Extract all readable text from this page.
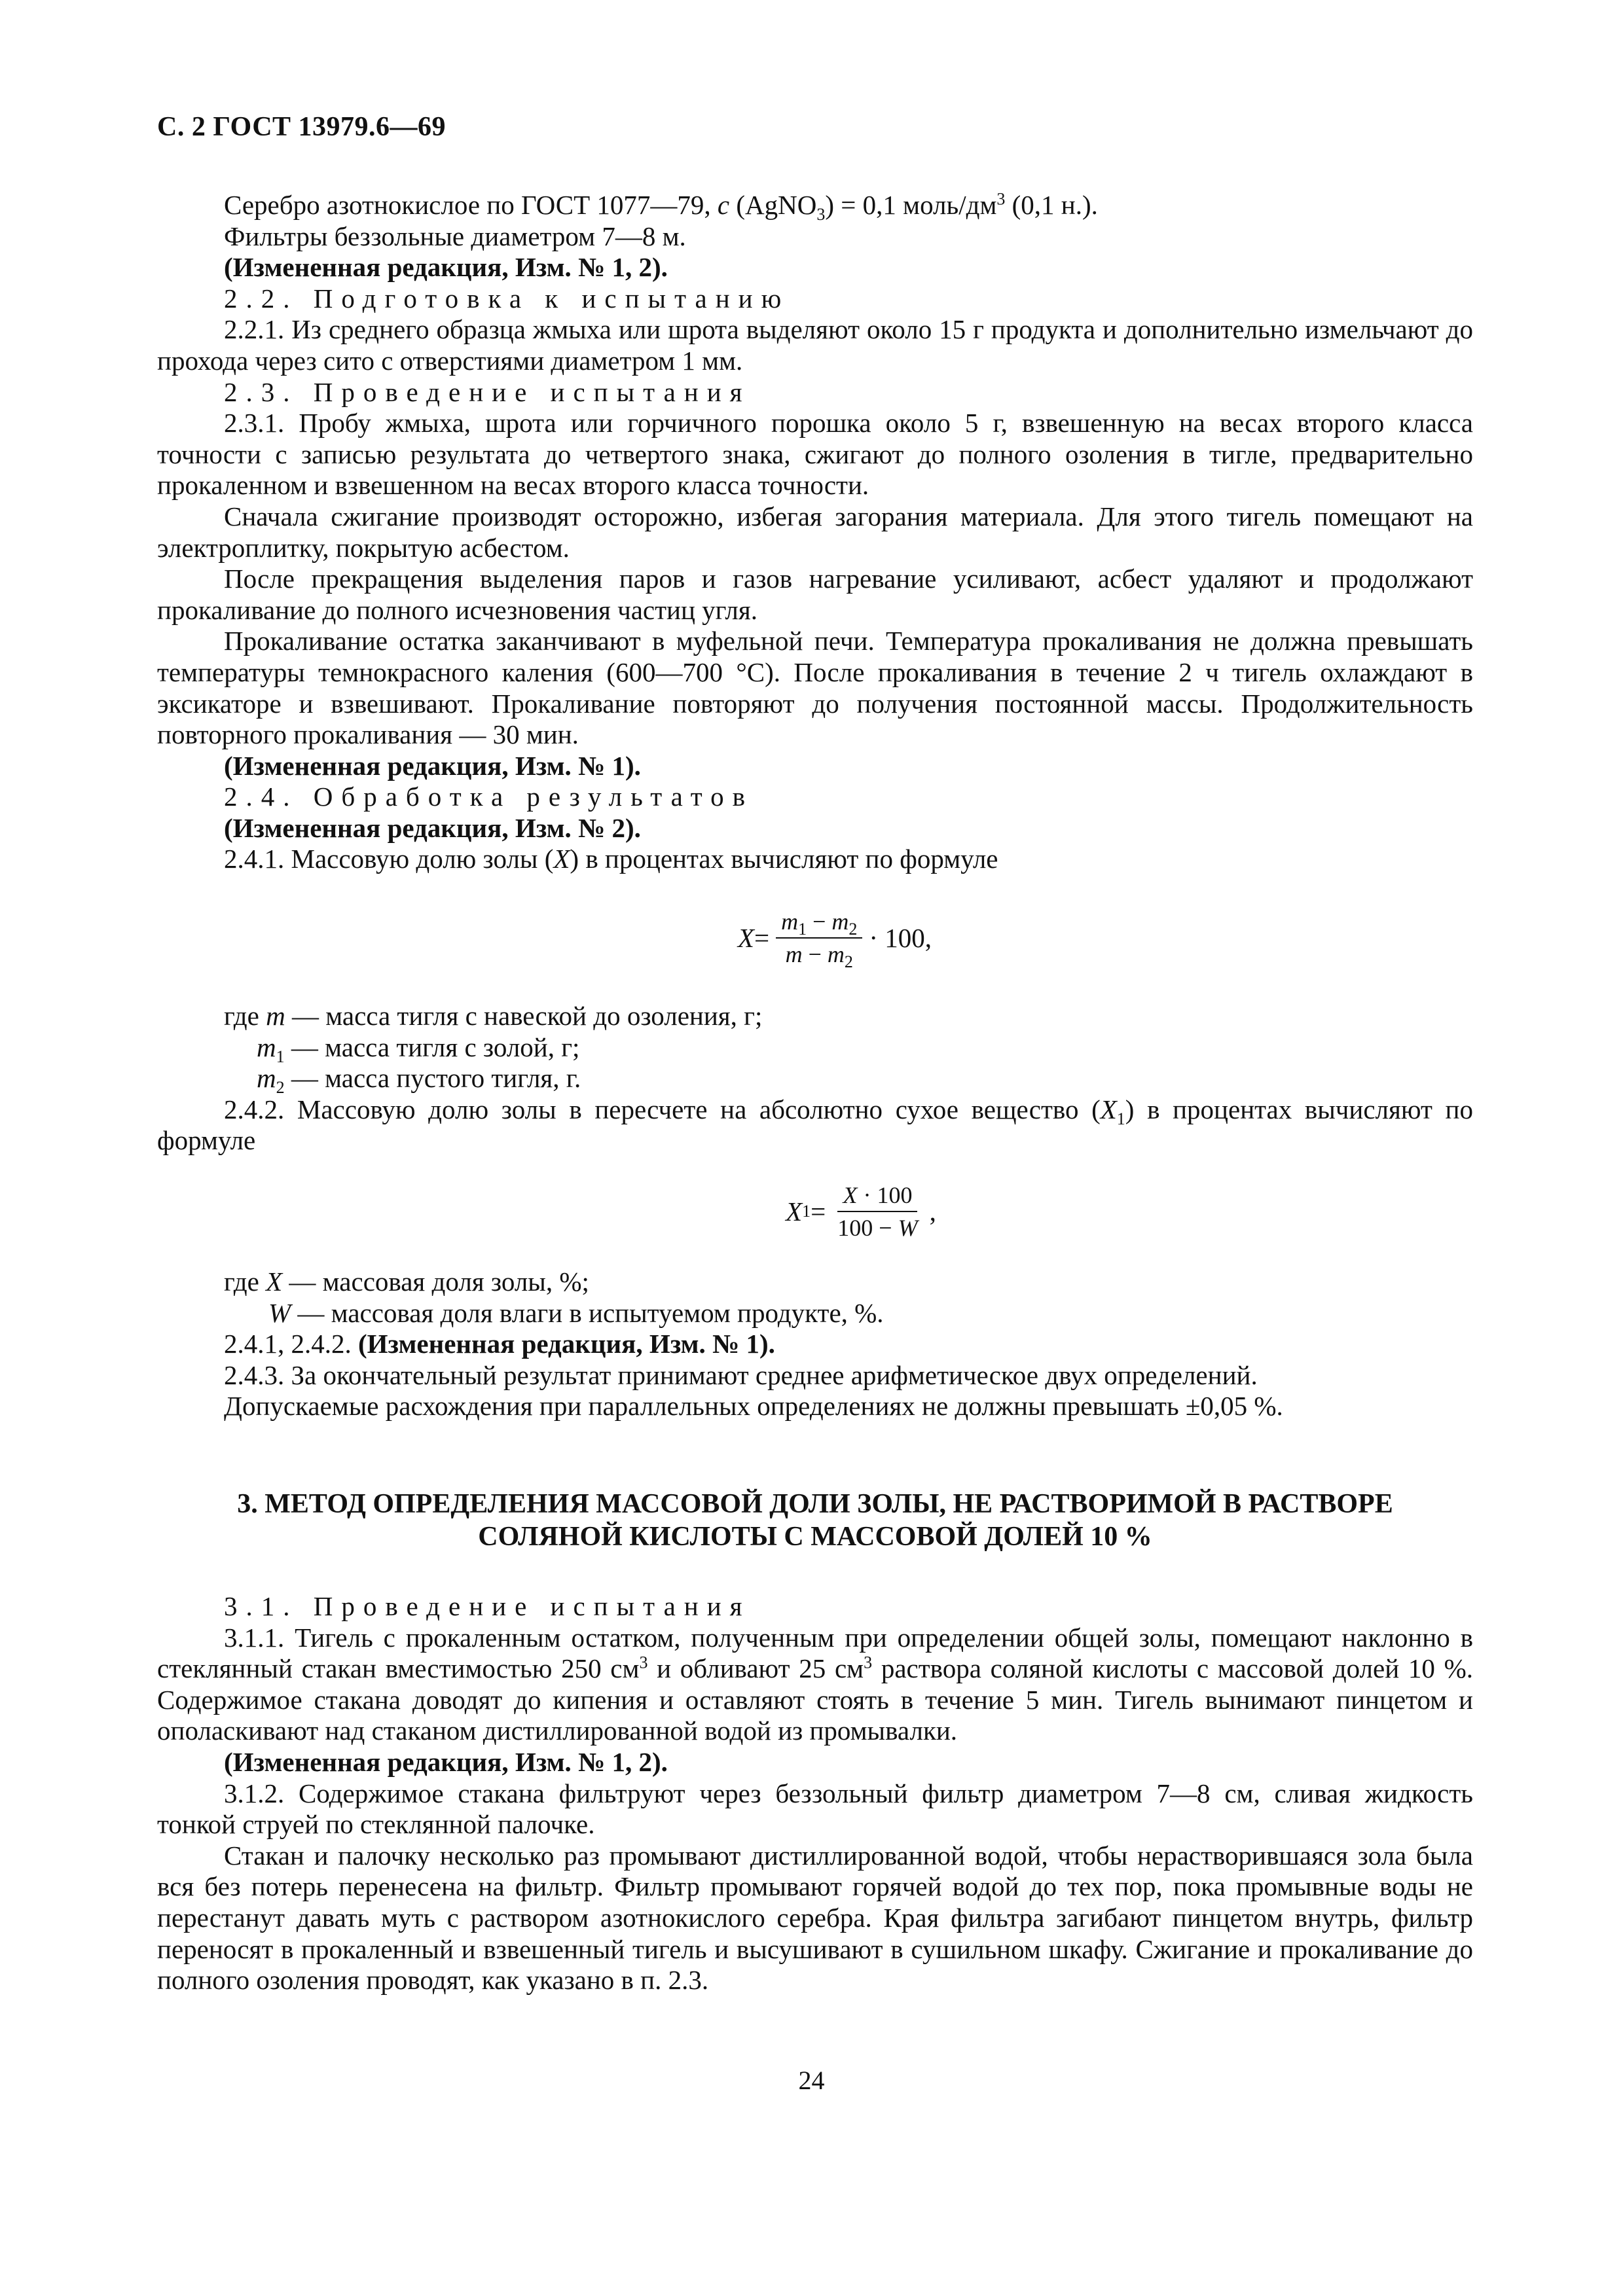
С. 2 ГОСТ 13979.6—69

Серебро азотнокислое по ГОСТ 1077—79, c (AgNO$_3$) = 0,1 моль/$дм^3$ (0,1 н.).

Фильтры беззольные диаметром 7—8 м.

(Измененная редакция, Изм. № 1, 2).

2.2. Подготовка к испытанию

2.2.1. Из среднего образца жмыха или шрота выделяют около 15 г продукта и дополнительно измельчают до прохода через сито с отверстиями диаметром 1 мм.

2.3. Проведение испытания

2.3.1. Пробу жмыха, шрота или горчичного порошка около 5 г, взвешенную на весах второго класса точности с записью результата до четвертого знака, сжигают до полного озоления в тигле, предварительно прокаленном и взвешенном на весах второго класса точности.

Сначала сжигание производят осторожно, избегая загорания материала. Для этого тигель помещают на электроплитку, покрытую асбестом.

После прекращения выделения паров и газов нагревание усиливают, асбест удаляют и продолжают прокаливание до полного исчезновения частиц угля.

Прокаливание остатка заканчивают в муфельной печи. Температура прокаливания не должна превышать температуры темнокрасного каления (600—700 °С). После прокаливания в течение 2 ч тигель охлаждают в эксикаторе и взвешивают. Прокаливание повторяют до получения постоянной массы. Продолжительность повторного прокаливания — 30 мин.

(Измененная редакция, Изм. № 1).

2.4. Обработка результатов

(Измененная редакция, Изм. № 2).

2.4.1. Массовую долю золы (X) в процентах вычисляют по формуле

$X = \frac{m_1 - m_2}{m - m_2} \cdot 100$,

где m — масса тигля с навеской до озоления, г;

$m_1$ — масса тигля с золой, г;

$m_2$ — масса пустого тигля, г.

2.4.2. Массовую долю золы в пересчете на абсолютно сухое вещество $(X_1)$ в процентах вычисляют по формуле

X $1 = \frac{X \cdot 100}{100 - W}$ ,

где X — массовая доля золы, %;

W — массовая доля влаги в испытуемом продукте, %.

2.4.1, 2.4.2. (Измененная редакция, Изм. № 1).

2.4.3. За окончательный результат принимают среднее арифметическое двух определений.

Допускаемые расхождения при параллельных определениях не должны превышать ±0,05 %.

3. МЕТОД ОПРЕДЕЛЕНИЯ МАССОВОЙ ДОЛИ ЗОЛЫ, НЕ РАСТВОРИМОЙ В РАСТВОРЕ
СОЛЯНОЙ КИСЛОТЫ С МАССОВОЙ ДОЛЕЙ 10 %

3.1. Проведение испытания

3.1.1. Тигель с прокаленным остатком, полученным при определении общей золы, помещают наклонно в стеклянный стакан вместимостью 250 $см^3$ и обливают 25 $см^3$ раствора соляной кислоты с массовой долей 10 %. Содержимое стакана доводят до кипения и оставляют стоять в течение 5 мин. Тигель вынимают пинцетом и ополаскивают над стаканом дистиллированной водой из промывалки.

(Измененная редакция, Изм. № 1, 2).

3.1.2. Содержимое стакана фильтруют через беззольный фильтр диаметром 7—8 см, сливая жидкость тонкой струей по стеклянной палочке.

Стакан и палочку несколько раз промывают дистиллированной водой, чтобы нерастворившаяся зола была вся без потерь перенесена на фильтр. Фильтр промывают горячей водой до тех пор, пока промывные воды не перестанут давать муть с раствором азотнокислого серебра. Края фильтра загибают пинцетом внутрь, фильтр переносят в прокаленный и взвешенный тигель и высушивают в сушильном шкафу. Сжигание и прокаливание до полного озоления проводят, как указано в п. 2.3.

24
